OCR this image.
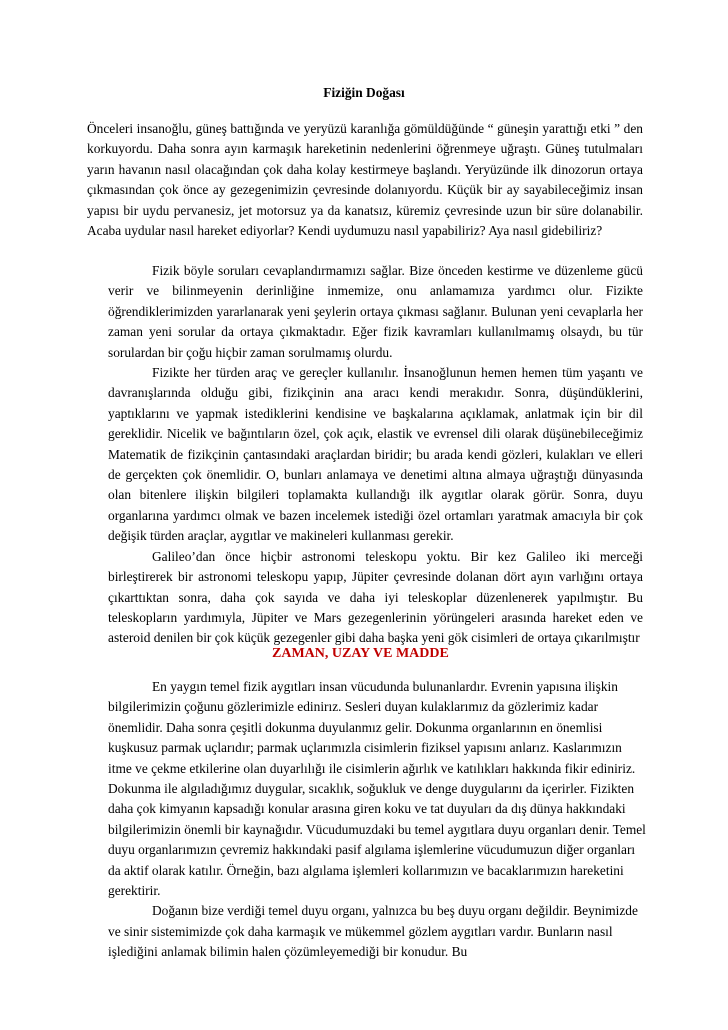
Fiziğin Doğası

Önceleri insanoğlu, güneş battığında ve yeryüzü karanlığa gömüldüğünde “ güneşin yarattığı etki ” den korkuyordu. Daha sonra ayın karmaşık hareketinin nedenlerini öğrenmeye uğraştı. Güneş tutulmaları yarın havanın nasıl olacağından çok daha kolay kestirmeye başlandı. Yeryüzünde ilk dinozorun ortaya çıkmasından çok önce ay gezegenimizin çevresinde dolanıyordu. Küçük bir ay sayabileceğimiz insan yapısı bir uydu pervanesiz, jet motorsuz ya da kanatsız, küremiz çevresinde uzun bir süre dolanabilir. Acaba uydular nasıl hareket ediyorlar? Kendi uydumuzu nasıl yapabiliriz? Aya nasıl gidebiliriz?

Fizik böyle soruları cevaplandırmamızı sağlar. Bize önceden kestirme ve düzenleme gücü verir ve bilinmeyenin derinliğine inmemize, onu anlamamıza yardımcı olur. Fizikte öğrendiklerimizden yararlanarak yeni şeylerin ortaya çıkması sağlanır. Bulunan yeni cevaplarla her zaman yeni sorular da ortaya çıkmaktadır. Eğer fizik kavramları kullanılmamış olsaydı, bu tür sorulardan bir çoğu hiçbir zaman sorulmamış olurdu.

Fizikte her türden araç ve gereçler kullanılır. İnsanoğlunun hemen hemen tüm yaşantı ve davranışlarında olduğu gibi, fizikçinin ana aracı kendi merakıdır. Sonra, düşündüklerini, yaptıklarını ve yapmak istediklerini kendisine ve başkalarına açıklamak, anlatmak için bir dil gereklidir. Nicelik ve bağıntıların özel, çok açık, elastik ve evrensel dili olarak düşünebileceğimiz Matematik de fizikçinin çantasındaki araçlardan biridir; bu arada kendi gözleri, kulakları ve elleri de gerçekten çok önemlidir. O, bunları anlamaya ve denetimi altına almaya uğraştığı dünyasında olan bitenlere ilişkin bilgileri toplamakta kullandığı ilk aygıtlar olarak görür. Sonra, duyu organlarına yardımcı olmak ve bazen incelemek istediği özel ortamları yaratmak amacıyla bir çok değişik türden araçlar, aygıtlar ve makineleri kullanması gerekir.

Galileo’dan önce hiçbir astronomi teleskopu yoktu. Bir kez Galileo iki merceği birleştirerek bir astronomi teleskopu yapıp, Jüpiter çevresinde dolanan dört ayın varlığını ortaya çıkarttıktan sonra, daha çok sayıda ve daha iyi teleskoplar düzenlenerek yapılmıştır. Bu teleskopların yardımıyla, Jüpiter ve Mars gezegenlerinin yörüngeleri arasında hareket eden ve asteroid denilen bir çok küçük gezegenler gibi daha başka yeni gök cisimleri de ortaya çıkarılmıştır

ZAMAN, UZAY VE MADDE

En yaygın temel fizik aygıtları insan vücudunda bulunanlardır. Evrenin yapısına ilişkin bilgilerimizin çoğunu gözlerimizle edinirız. Sesleri duyan kulaklarımız da gözlerimiz kadar önemlidir. Daha sonra çeşitli dokunma duyulanmız gelir. Dokunma organlarının en önemlisi kuşkusuz parmak uçlarıdır; parmak uçlarımızla cisimlerin fiziksel yapısını anlarız. Kaslarımızın itme ve çekme etkilerine olan duyarlılığı ile cisimlerin ağırlık ve katılıkları hakkında fikir ediniriz. Dokunma ile algıladığımız duygular, sıcaklık, soğukluk ve denge duygularını da içerirler. Fizikten daha çok kimyanın kapsadığı konular arasına giren koku ve tat duyuları da dış dünya hakkındaki bilgilerimizin önemli bir kaynağıdır. Vücudumuzdaki bu temel aygıtlara duyu organları denir. Temel duyu organlarımızın çevremiz hakkındaki pasif algılama işlemlerine vücudumuzun diğer organları da aktif olarak katılır. Örneğin, bazı algılama işlemleri kollarımızın ve bacaklarımızın hareketini gerektirir.

Doğanın bize verdiği temel duyu organı, yalnızca bu beş duyu organı değildir. Beynimizde ve sinir sistemimizde çok daha karmaşık ve mükemmel gözlem aygıtları vardır. Bunların nasıl işlediğini anlamak bilimin halen çözümleyemediği bir konudur. Bu
